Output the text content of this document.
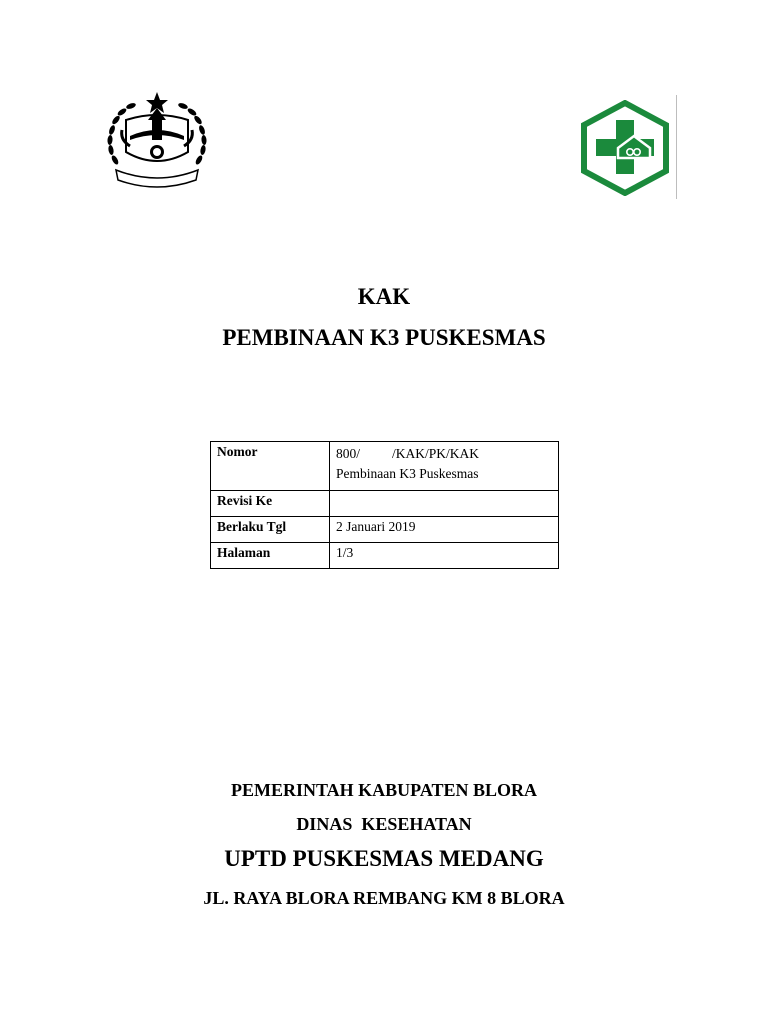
KAK
PEMBINAAN K3 PUSKESMAS
Nomor	800/ /KAK/PK/KAK
Pembinaan K3 Puskesmas

Revisi Ke	
Berlaku Tgl	2 Januari 2019
Halaman	1/3
PEMERINTAH KABUPATEN BLORA
DINAS  KESEHATAN
UPTD PUSKESMAS MEDANG
JL. RAYA BLORA REMBANG KM 8 BLORA
